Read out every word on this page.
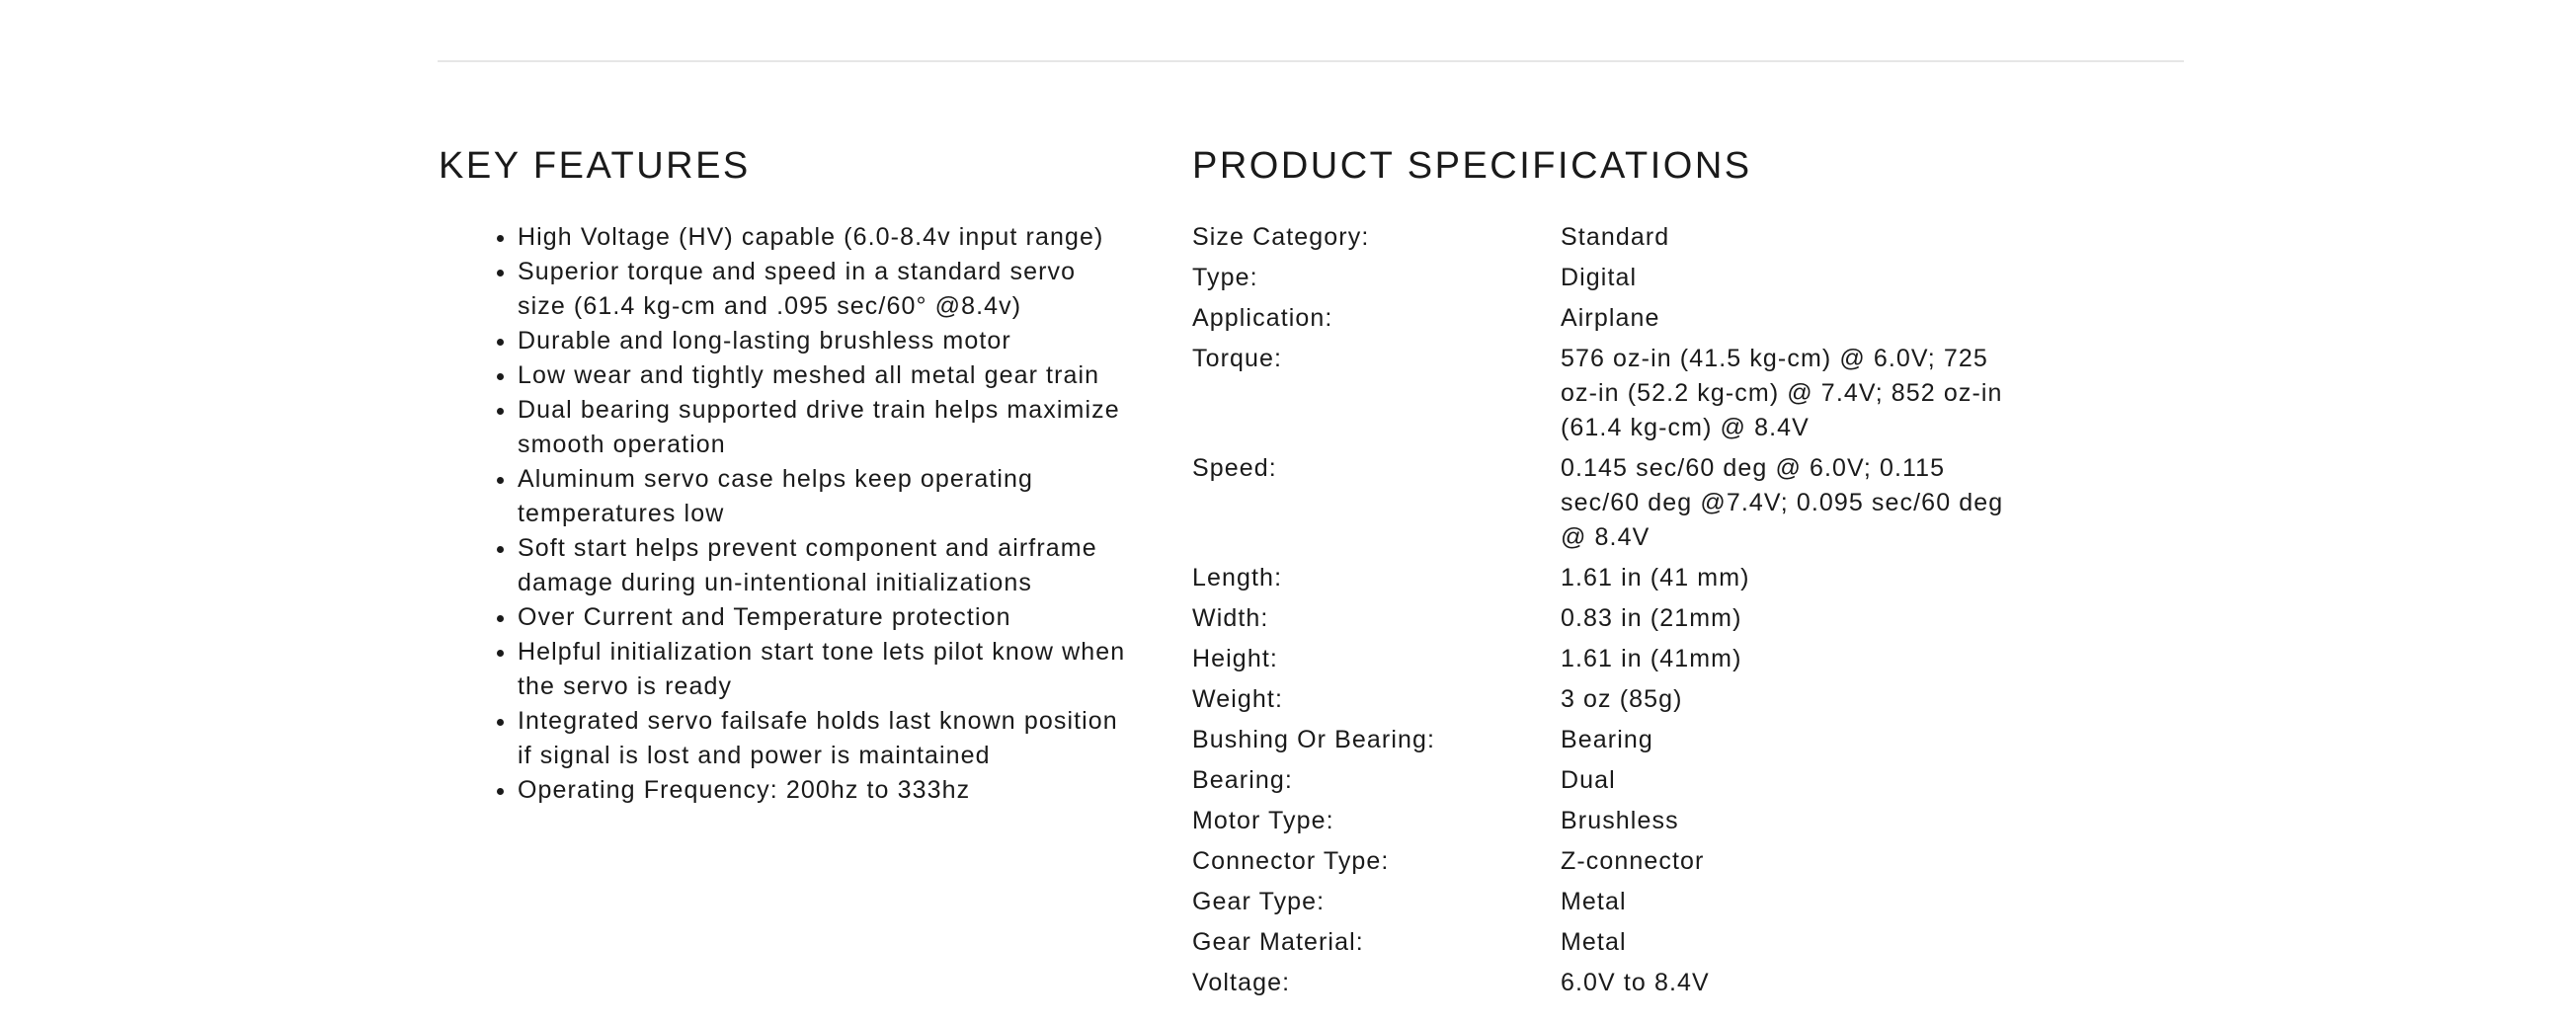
KEY FEATURES
• High Voltage (HV) capable (6.0-8.4v input range)
• Superior torque and speed in a standard servo size (61.4 kg-cm and .095 sec/60° @8.4v)
• Durable and long-lasting brushless motor
• Low wear and tightly meshed all metal gear train
• Dual bearing supported drive train helps maximize smooth operation
• Aluminum servo case helps keep operating temperatures low
• Soft start helps prevent component and airframe damage during un-intentional initializations
• Over Current and Temperature protection
• Helpful initialization start tone lets pilot know when the servo is ready
• Integrated servo failsafe holds last known position if signal is lost and power is maintained
• Operating Frequency: 200hz to 333hz
PRODUCT SPECIFICATIONS
Size Category:	Standard
Type:	Digital
Application:	Airplane
Torque:	576 oz-in (41.5 kg-cm) @ 6.0V; 725 oz-in (52.2 kg-cm) @ 7.4V; 852 oz-in (61.4 kg-cm) @ 8.4V
Speed:	0.145 sec/60 deg @ 6.0V; 0.115 sec/60 deg @7.4V; 0.095 sec/60 deg @ 8.4V
Length:	1.61 in (41 mm)
Width:	0.83 in (21mm)
Height:	1.61 in (41mm)
Weight:	3 oz (85g)
Bushing Or Bearing:	Bearing
Bearing:	Dual
Motor Type:	Brushless
Connector Type:	Z-connector
Gear Type:	Metal
Gear Material:	Metal
Voltage:	6.0V to 8.4V
